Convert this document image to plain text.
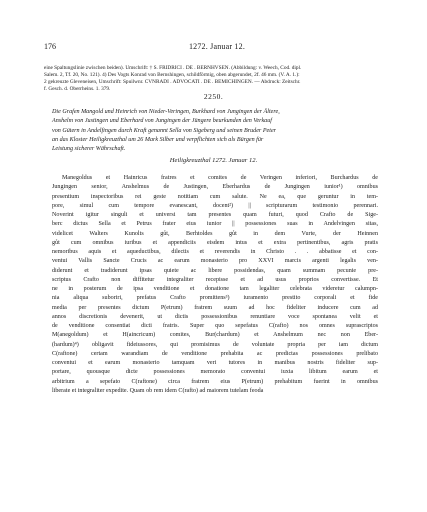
176	1272. Januar 12.

eine Spaltungslinie zwischen beiden). Umschrift: † S. FRIDRICI . DE . BERNHVSEN. (Abbildung: v. Weech, Cod. dipl.

Salem. 2, Tf. 20, No. 121). 4) Des Vogts Konrad von Bernshingen, schildförmig, oben abgerundet, 2f. 46 mm. (V. A. 1.):

2 gekreuzte Gleveneisen, Umschrift: Spuilwnr. CVNRADI . ADVOCATI . DE . BEMICHINGEN. — Abdruck: Zeitschr.

f. Gesch. d. Oberrheins. 1. 379.

2250.
Die Grafen Mangold und Heinrich von Nieder-Veringen, Burkhard von Jungingen der Ältere,
Anshelm von Justingen und Eberhard von Jungingen der Jüngere beurkunden den Verkauf
von Gütern in Andelfingen durch Kraft genannt Sella von Sigeberg und seinen Bruder Peter
an das Kloster Heiligkreuzthal um 26 Mark Silber und verpflichten sich als Bürgen für
Leistung sicherer Währschaft.
Heiligkreuzthal 1272. Januar 12.
Manegoldus et Hainricus fratres et comites de Veringen inferiori, Burchardus de
Jungingen senior, Anshelmus de Justingen, Eberhardus de Jungingen iunior¹) omnibus
presentium inspectoribus rei geste notitiam cum salute. Ne ea, que geruntur in tem-
pore, simul cum tempore evanescant, docent²) || scripturarum testimonio perennari.
Noverint igitur singuli et universi tam presentes quam futuri, quod Crafto de Sige-
berc dictus Sella et Petrus frater eius iunior || possessiones suas in Andelvingen sitas,
videlicet Walters Kunolts gůt, Berhtoldes gůt in dem Vurte, der Heinnen
gůt cum omnibus iuribus et appendiciis eisdem intus et extra pertinentibus, agris pratis
nemoribus aquis et aqueductibus, dilectis et reverendis in Christo . . abbatisse et con-
ventui Vallis Sancte Crucis ac earum monasterio pro XXVI marcis argenti legalis ven-
diderunt et tradiderunt ipsas quiete ac libere possidendas, quam summam pecunie pre-
scriptus Crafto non diffitetur integraliter recepisse et ad usus proprios convertisse. Et
ne in posterum de ipsa venditione et donatione tam legaliter celebrata videretur calumpn-
nia aliqua suboriri, prefatus Crafto promittens³) iuramento prestito corporali et fide
media per presentes dictum P(etrum) fratrem suum ad hoc fideliter inducere cum ad
annos discretionis devenerit, ut dictis possessionibus renuntiare voce spontanea velit et
de venditione consentiat dicti fratris. Super quo sepefatus C(rafto) nos omnes suprascriptos
M(anegoldum) et H(aincricum) comites, Bur(chardum) et Anshelmum nec non Eber-
(hardum)⁴) obligavit fideiussores, qui promisimus de voluntate propria per iam dictum
C(raftone) certam warandiam de venditione prehabita ac predictas possessiones prelibato
conventui et earum monasterio tamquam veri tutores in manibus nostris fideliter sup-
portare, quousque dicte possessiones memorato conventui iuxta libitum earum et
arbitrium a sepefato C(raftone) circa fratrem eius P(etrum) prehabitum fuerint in omnibus
liberate et integraliter expedite. Quam ob rem idem C(rafto) ad maiorem tutelam feoda
